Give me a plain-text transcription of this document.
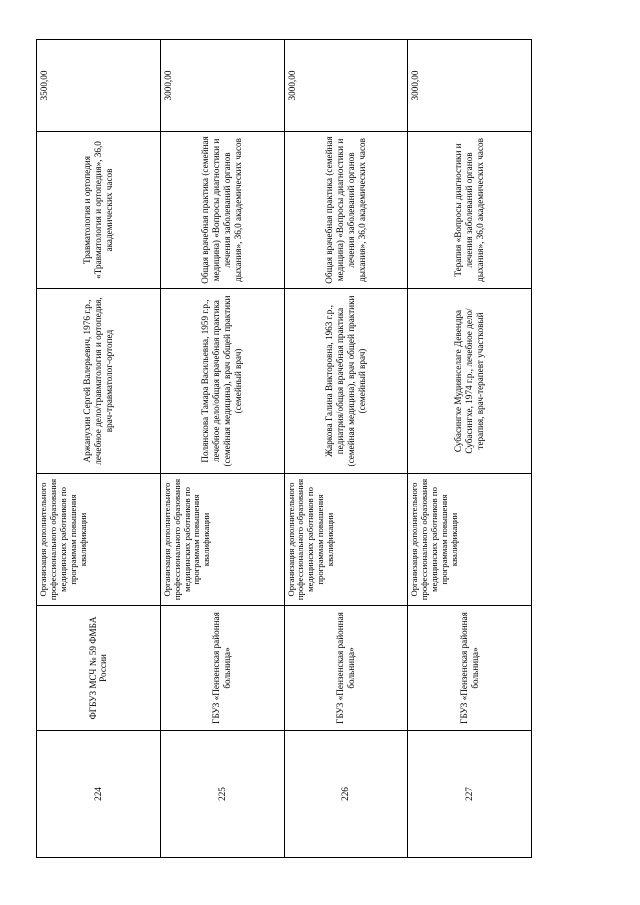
224	ФГБУЗ МСЧ № 59 ФМБА России	Организация дополнительного профессионального образования медицинских работников по программам повышения квалификации	Аржанухин Сергей Валерьевич, 1976 г.р., лечебное дело/травматология и ортопедия, врач-травматолог-ортопед	Травматология и ортопедия «Травматология и ортопедия», 36,0 академических часов	3500,00
225	ГБУЗ «Пензенская районная больница»	Организация дополнительного профессионального образования медицинских работников по программам повышения квалификации	Полянскова Тамара Васильевна, 1959 г.р., лечебное дело/общая врачебная практика (семейная медицина), врач общей практики (семейный врач)	Общая врачебная практика (семейная медицина) «Вопросы диагностики и лечения заболеваний органов дыхания», 36,0 академических часов	3000,00
226	ГБУЗ «Пензенская районная больница»	Организация дополнительного профессионального образования медицинских работников по программам повышения квалификации	Жаркова Галина Викторовна, 1963 г.р., педиатрия/общая врачебная практика (семейная медицина), врач общей практики (семейный врач)	Общая врачебная практика (семейная медицина) «Вопросы диагностики и лечения заболеваний органов дыхания», 36,0 академических часов	3000,00
227	ГБУЗ «Пензенская районная больница»	Организация дополнительного профессионального образования медицинских работников по программам повышения квалификации	Субасингхе Мудиянселаге Девендра Субасингхе, 1974 г.р., лечебное дело/терапия, врач-терапевт участковый	Терапия «Вопросы диагностики и лечения заболеваний органов дыхания», 36,0 академических часов	3000,00
